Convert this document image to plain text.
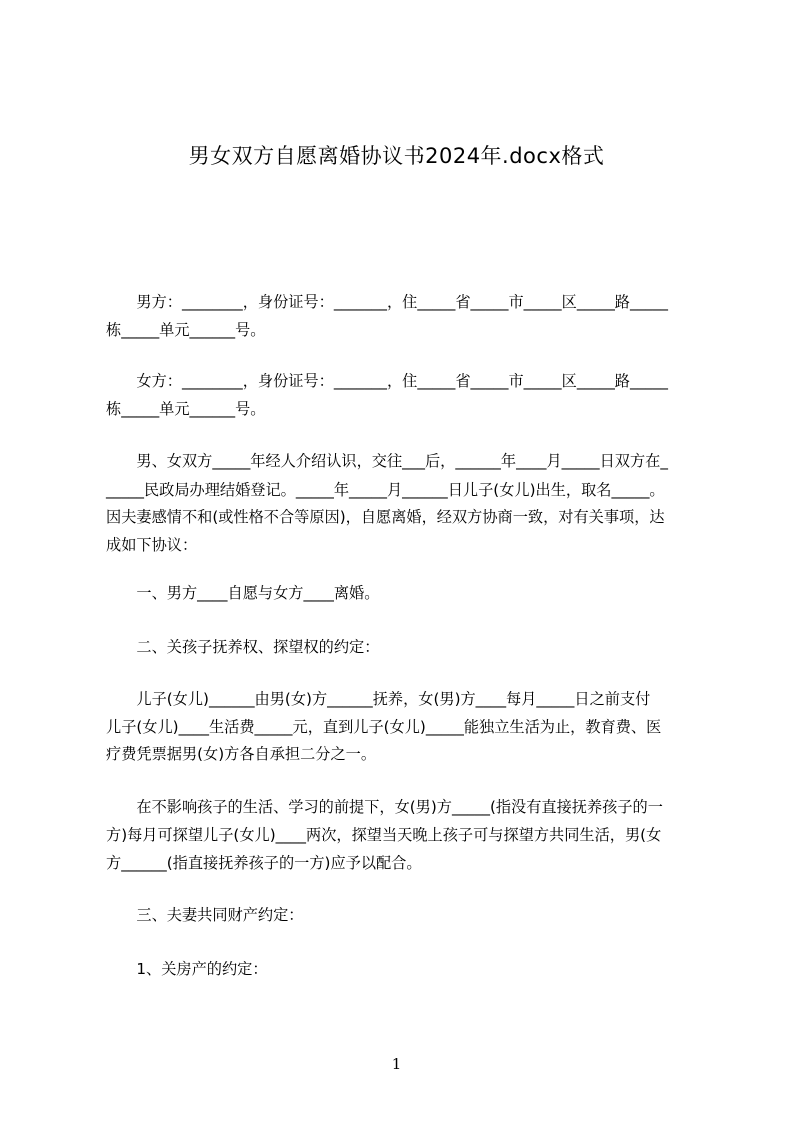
男女双方自愿离婚协议书2024年.docx格式
　　男方：________，身份证号：_______，住_____省_____市_____区_____路_____
栋_____单元______号。
　　女方：________，身份证号：_______，住_____省_____市_____区_____路_____
栋_____单元______号。
　　男、女双方_____年经人介绍认识，交往___后，______年____月_____日双方在_
_____民政局办理结婚登记。_____年_____月______日儿子(女儿)出生，取名_____。
因夫妻感情不和(或性格不合等原因)，自愿离婚，经双方协商一致，对有关事项，达
成如下协议：
　　一、男方____自愿与女方____离婚。
　　二、关孩子抚养权、探望权的约定：
　　儿子(女儿)______由男(女)方______抚养，女(男)方____每月_____日之前支付
儿子(女儿)____生活费_____元，直到儿子(女儿)_____能独立生活为止，教育费、医
疗费凭票据男(女)方各自承担二分之一。
　　在不影响孩子的生活、学习的前提下，女(男)方_____(指没有直接抚养孩子的一
方)每月可探望儿子(女儿)____两次，探望当天晚上孩子可与探望方共同生活，男(女
方______(指直接抚养孩子的一方)应予以配合。
　　三、夫妻共同财产约定：
　　1、关房产的约定：
1
